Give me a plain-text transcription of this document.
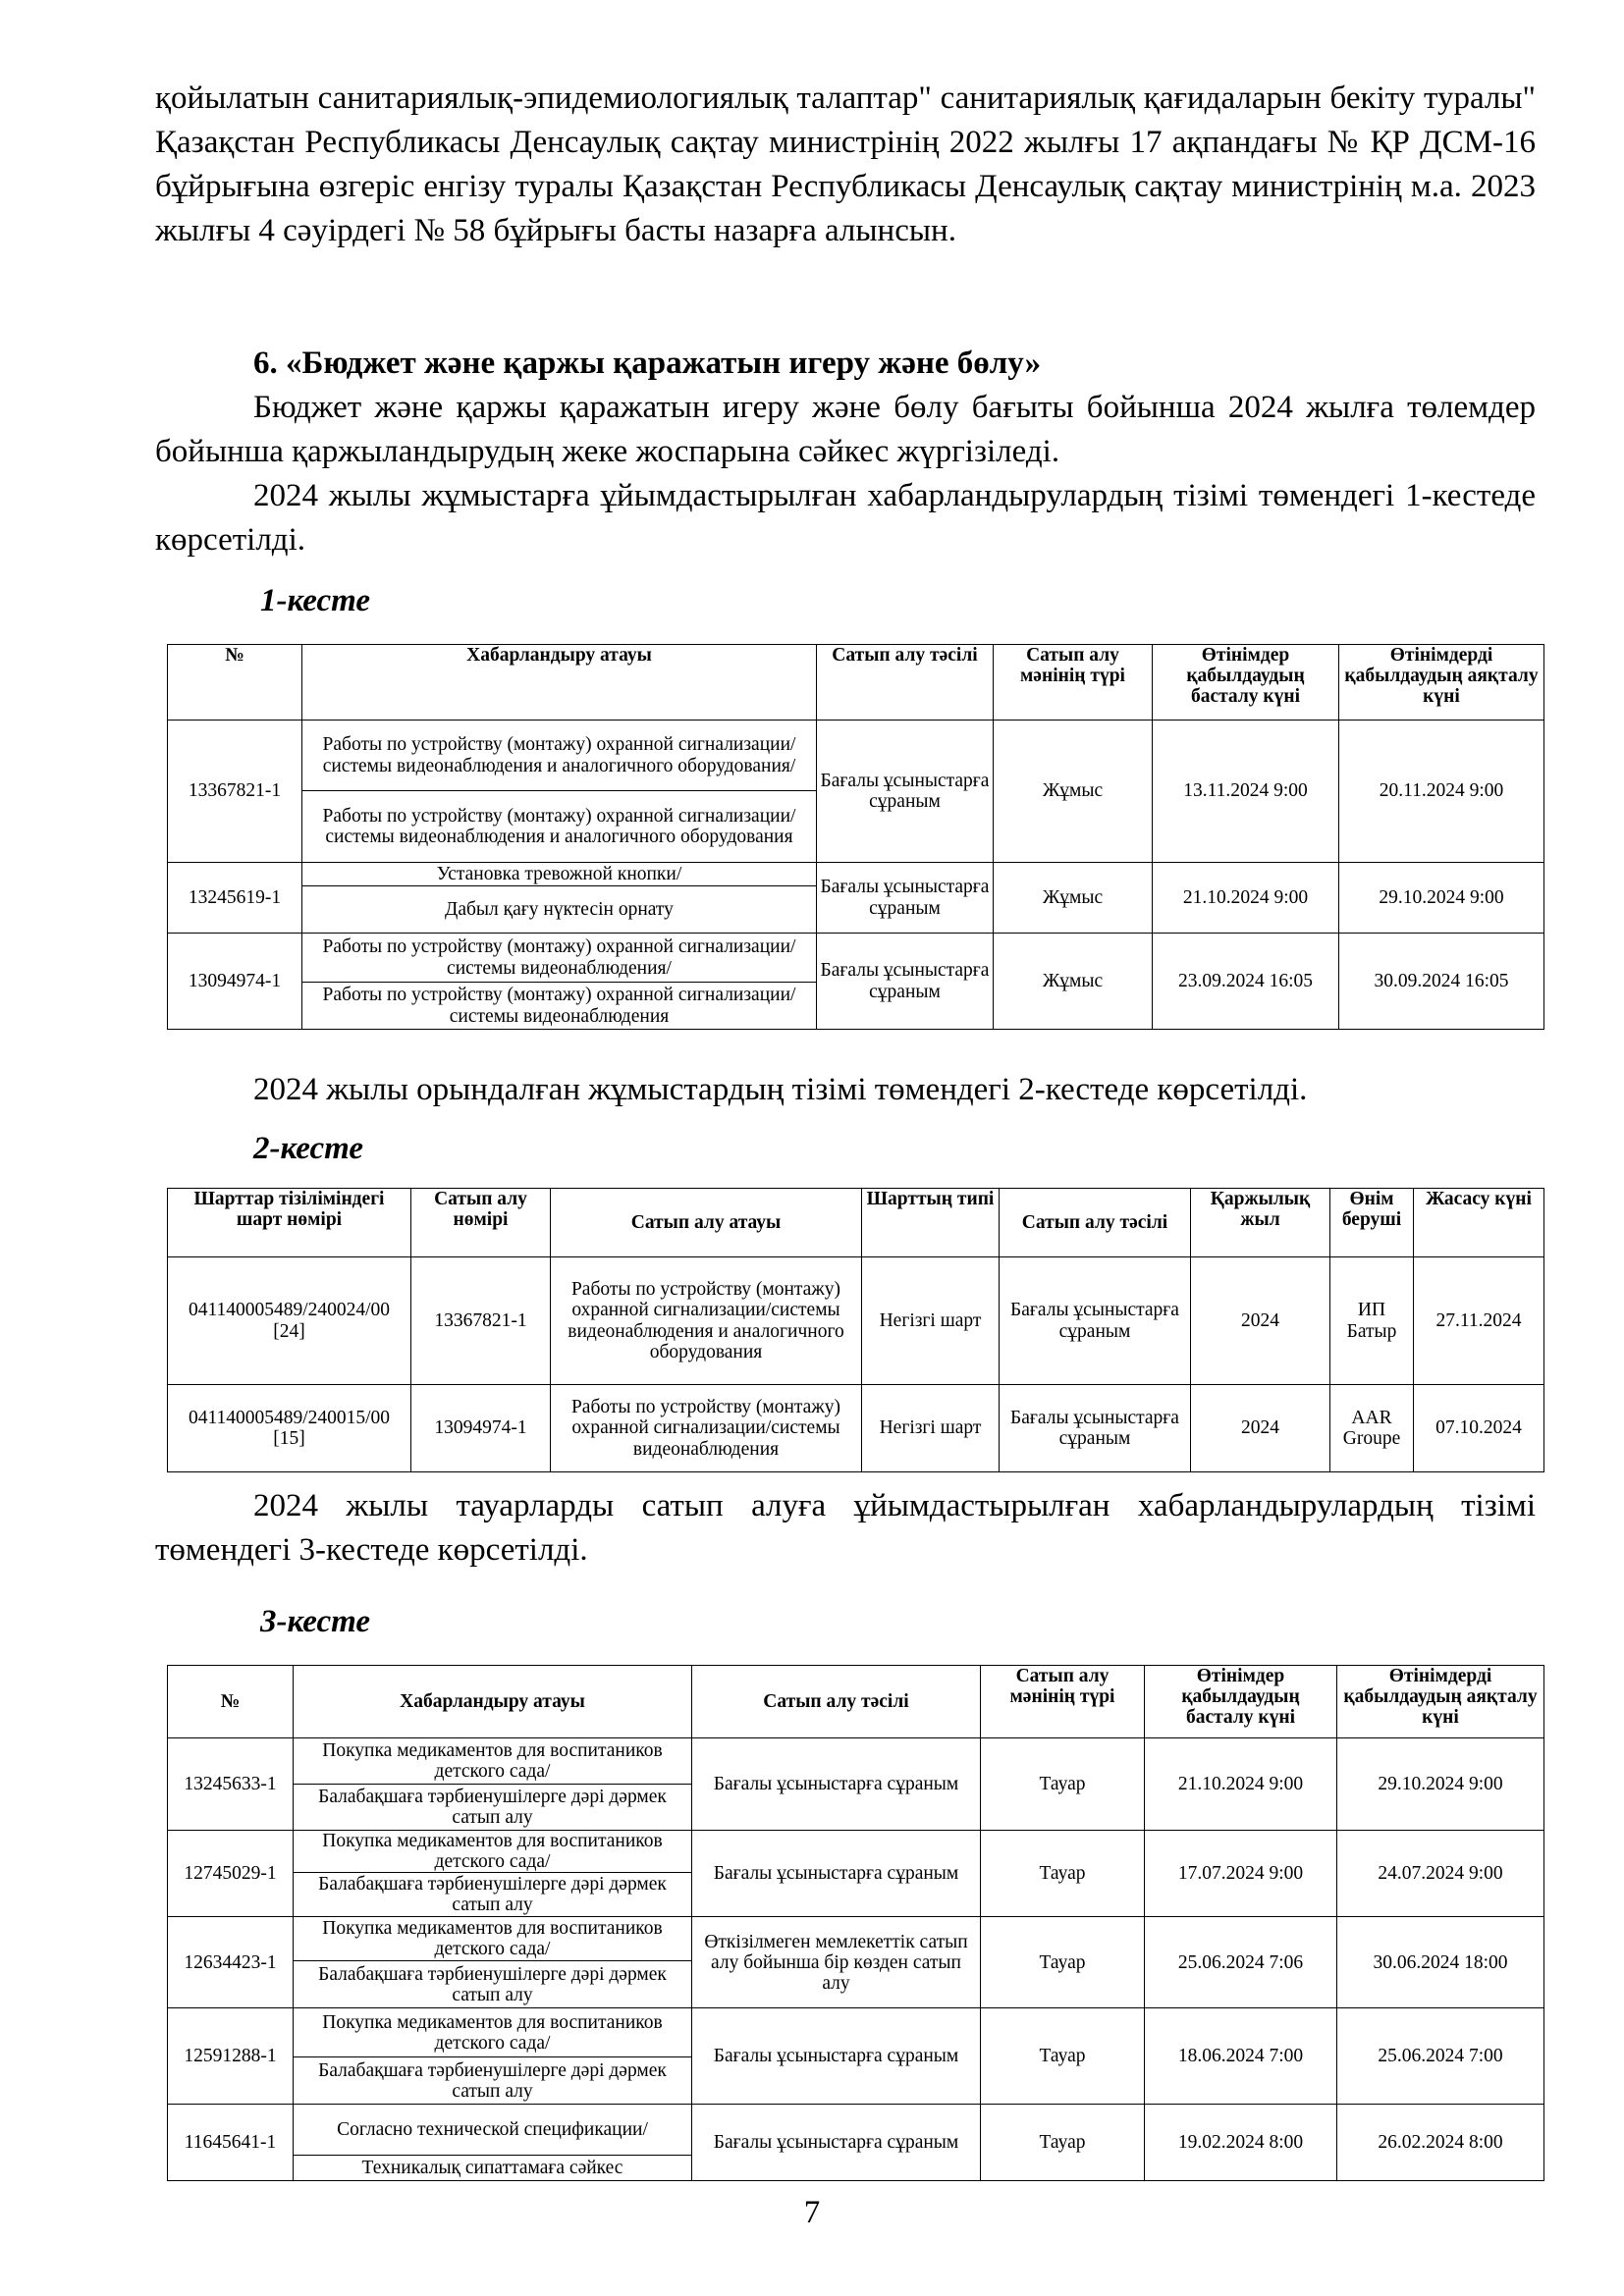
қойылатын санитариялық-эпидемиологиялық талаптар" санитариялық қағидаларын бекіту туралы" Қазақстан Республикасы Денсаулық сақтау министрінің 2022 жылғы 17 ақпандағы № ҚР ДСМ-16 бұйрығына өзгеріс енгізу туралы Қазақстан Республикасы Денсаулық сақтау министрінің м.а. 2023 жылғы 4 сәуірдегі № 58 бұйрығы басты назарға алынсын.

6. «Бюджет және қаржы қаражатын игеру және бөлу»

Бюджет және қаржы қаражатын игеру және бөлу бағыты бойынша 2024 жылға төлемдер бойынша қаржыландырудың жеке жоспарына сәйкес жүргізіледі.

2024 жылы жұмыстарға ұйымдастырылған хабарландырулардың тізімі төмендегі 1-кестеде көрсетілді.

1-кесте

№	Хабарландыру атауы	Сатып алу тәсілі	Сатып алу мәнінің түрі	Өтінімдер қабылдаудың басталу күні	Өтінімдерді қабылдаудың аяқталу күні
13367821-1	Работы по устройству (монтажу) охранной сигнализации/системы видеонаблюдения и аналогичного оборудования/	Бағалы ұсыныстарға сұраным	Жұмыс	13.11.2024 9:00	20.11.2024 9:00
	Работы по устройству (монтажу) охранной сигнализации/системы видеонаблюдения и аналогичного оборудования				
13245619-1	Установка тревожной кнопки/	Бағалы ұсыныстарға сұраным	Жұмыс	21.10.2024 9:00	29.10.2024 9:00
	Дабыл қағу нүктесін орнату				
13094974-1	Работы по устройству (монтажу) охранной сигнализации/системы видеонаблюдения/	Бағалы ұсыныстарға сұраным	Жұмыс	23.09.2024 16:05	30.09.2024 16:05
	Работы по устройству (монтажу) охранной сигнализации/системы видеонаблюдения				

2024 жылы орындалған жұмыстардың тізімі төмендегі 2-кестеде көрсетілді.

2-кесте

Шарттар тізіліміндегі шарт нөмірі	Сатып алу нөмірі	Сатып алу атауы	Шарттың типі	Сатып алу тәсілі	Қаржылық жыл	Өнім беруші	Жасасу күні
041140005489/240024/00 [24]	13367821-1	Работы по устройству (монтажу) охранной сигнализации/системы видеонаблюдения и аналогичного оборудования	Негізгі шарт	Бағалы ұсыныстарға сұраным	2024	ИП Батыр	27.11.2024
041140005489/240015/00 [15]	13094974-1	Работы по устройству (монтажу) охранной сигнализации/системы видеонаблюдения	Негізгі шарт	Бағалы ұсыныстарға сұраным	2024	AAR Groupe	07.10.2024

2024 жылы тауарларды сатып алуға ұйымдастырылған хабарландырулардың тізімі төмендегі 3-кестеде көрсетілді.

3-кесте

№	Хабарландыру атауы	Сатып алу тәсілі	Сатып алу мәнінің түрі	Өтінімдер қабылдаудың басталу күні	Өтінімдерді қабылдаудың аяқталу күні
13245633-1	Покупка медикаментов для воспитаников детского сада/	Бағалы ұсыныстарға сұраным	Тауар	21.10.2024 9:00	29.10.2024 9:00
	Балабақшаға тәрбиенушілерге дәрі дәрмек сатып алу				
12745029-1	Покупка медикаментов для воспитаников детского сада/	Бағалы ұсыныстарға сұраным	Тауар	17.07.2024 9:00	24.07.2024 9:00
	Балабақшаға тәрбиенушілерге дәрі дәрмек сатып алу				
12634423-1	Покупка медикаментов для воспитаников детского сада/	Өткізілмеген мемлекеттік сатып алу бойынша бір көзден сатып алу	Тауар	25.06.2024 7:06	30.06.2024 18:00
	Балабақшаға тәрбиенушілерге дәрі дәрмек сатып алу				
12591288-1	Покупка медикаментов для воспитаников детского сада/	Бағалы ұсыныстарға сұраным	Тауар	18.06.2024 7:00	25.06.2024 7:00
	Балабақшаға тәрбиенушілерге дәрі дәрмек сатып алу				
11645641-1	Согласно технической спецификации/	Бағалы ұсыныстарға сұраным	Тауар	19.02.2024 8:00	26.02.2024 8:00
	Техникалық сипаттамаға сәйкес				

7
